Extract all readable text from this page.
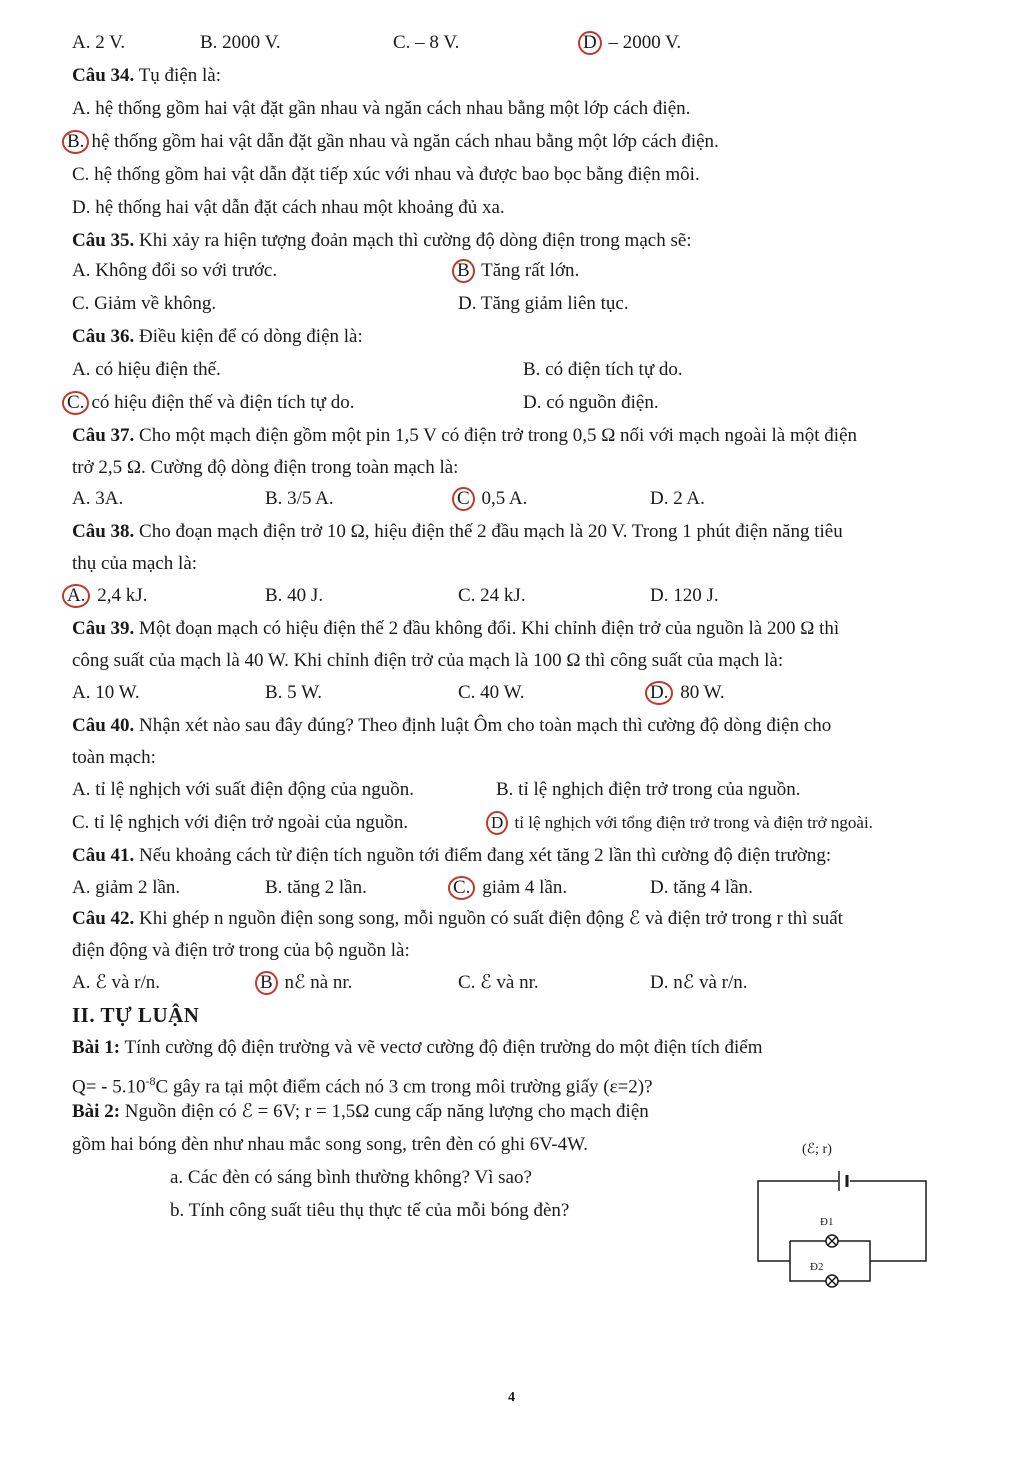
A. 2 V.	B. 2000 V.	C. – 8 V.	D – 2000 V.
Câu 34. Tụ điện là:
A. hệ thống gồm hai vật đặt gần nhau và ngăn cách nhau bằng một lớp cách điện.
B. hệ thống gồm hai vật dẫn đặt gần nhau và ngăn cách nhau bằng một lớp cách điện.
C. hệ thống gồm hai vật dẫn đặt tiếp xúc với nhau và được bao bọc bằng điện môi.
D. hệ thống hai vật dẫn đặt cách nhau một khoảng đủ xa.
Câu 35. Khi xảy ra hiện tượng đoản mạch thì cường độ dòng điện trong mạch sẽ:
A. Không đổi so với trước.	B Tăng rất lớn.
C. Giảm về không.	D. Tăng giảm liên tục.
Câu 36. Điều kiện để có dòng điện là:
A. có hiệu điện thế.	B. có điện tích tự do.
C. có hiệu điện thế và điện tích tự do.	D. có nguồn điện.
Câu 37. Cho một mạch điện gồm một pin 1,5 V có điện trở trong 0,5 Ω nối với mạch ngoài là một điện
trở 2,5 Ω. Cường độ dòng điện trong toàn mạch là:
A. 3A.	B. 3/5 A.	C 0,5 A.	D. 2 A.
Câu 38. Cho đoạn mạch điện trở 10 Ω, hiệu điện thế 2 đầu mạch là 20 V. Trong 1 phút điện năng tiêu
thụ của mạch là:
A. 2,4 kJ.	B. 40 J.	C. 24 kJ.	D. 120 J.
Câu 39. Một đoạn mạch có hiệu điện thế 2 đầu không đổi. Khi chỉnh điện trở của nguồn là 200 Ω thì
công suất của mạch là 40 W. Khi chỉnh điện trở của mạch là 100 Ω thì công suất của mạch là:
A. 10 W.	B. 5 W.	C. 40 W.	D. 80 W.
Câu 40. Nhận xét nào sau đây đúng? Theo định luật Ôm cho toàn mạch thì cường độ dòng điện cho
toàn mạch:
A. tỉ lệ nghịch với suất điện động của nguồn.	B. tỉ lệ nghịch điện trở trong của nguồn.
C. tỉ lệ nghịch với điện trở ngoài của nguồn.	D tỉ lệ nghịch với tổng điện trở trong và điện trở ngoài.
Câu 41. Nếu khoảng cách từ điện tích nguồn tới điểm đang xét tăng 2 lần thì cường độ điện trường:
A. giảm 2 lần.	B. tăng 2 lần.	C. giảm 4 lần.	D. tăng 4 lần.
Câu 42. Khi ghép n nguồn điện song song, mỗi nguồn có suất điện động ℰ và điện trở trong r thì suất
điện động và điện trở trong của bộ nguồn là:
A. ℰ và r/n.	B nℰ nà nr.	C. ℰ và nr.	D. nℰ và r/n.
II. TỰ LUẬN
Bài 1: Tính cường độ điện trường và vẽ vectơ cường độ điện trường do một điện tích điểm
$Q= - 5.10^{-8}C$ gây ra tại một điểm cách nó 3 cm trong môi trường giấy (ε=2)?
Bài 2: Nguồn điện có ℰ = 6V; r = 1,5Ω cung cấp năng lượng cho mạch điện
gồm hai bóng đèn như nhau mắc song song, trên đèn có ghi 6V-4W.
a. Các đèn có sáng bình thường không? Vì sao?
b. Tính công suất tiêu thụ thực tế của mỗi bóng đèn?
(ℰ; r)
Đ1
Đ2
4
